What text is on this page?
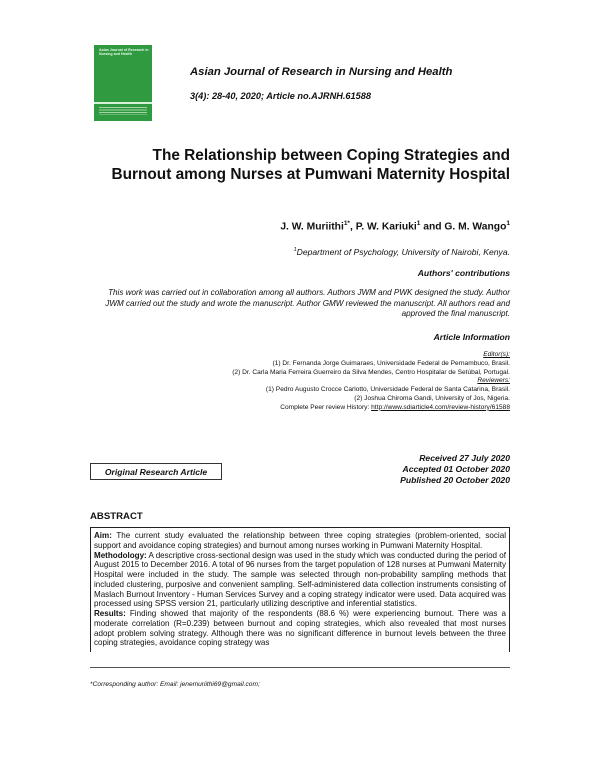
Asian Journal of Research in Nursing and Health
Asian Journal of Research in Nursing and Health
3(4): 28-40, 2020; Article no.AJRNH.61588
The Relationship between Coping Strategies and Burnout among Nurses at Pumwani Maternity Hospital
J. W. Muriithi$^{1*}$, P. W. Kariuki$^1$ and G. M. Wango$^1$
$^1$Department of Psychology, University of Nairobi, Kenya.
Authors' contributions
This work was carried out in collaboration among all authors. Authors JWM and PWK designed the study. Author JWM carried out the study and wrote the manuscript. Author GMW reviewed the manuscript. All authors read and approved the final manuscript.
Article Information
Editor(s):
(1) Dr. Fernanda Jorge Guimaraes, Universidade Federal de Pernambuco, Brasil.
(2) Dr. Carla Maria Ferreira Guerreiro da Silva Mendes, Centro Hospitalar de Setúbal, Portugal.
Reviewers:
(1) Pedro Augusto Crocce Carlotto, Universidade Federal de Santa Catarina, Brasil.
(2) Joshua Chiroma Gandi, University of Jos, Nigeria.
Complete Peer review History: http://www.sdiarticle4.com/review-history/61588
Received 27 July 2020
Accepted 01 October 2020
Published 20 October 2020
Original Research Article
ABSTRACT

Aim: The current study evaluated the relationship between three coping strategies (problem-oriented, social support and avoidance coping strategies) and burnout among nurses working in Pumwani Maternity Hospital.

Methodology: A descriptive cross-sectional design was used in the study which was conducted during the period of August 2015 to December 2016. A total of 96 nurses from the target population of 128 nurses at Pumwani Maternity Hospital were included in the study. The sample was selected through non-probability sampling methods that included clustering, purposive and convenient sampling. Self-administered data collection instruments consisting of Maslach Burnout Inventory - Human Services Survey and a coping strategy indicator were used. Data acquired was processed using SPSS version 21, particularly utilizing descriptive and inferential statistics.

Results: Finding showed that majority of the respondents (88.6 %) were experiencing burnout. There was a moderate correlation (R=0.239) between burnout and coping strategies, which also revealed that most nurses adopt problem solving strategy. Although there was no significant difference in burnout levels between the three coping strategies, avoidance coping strategy was

*Corresponding author: Email: jenemuriithi69@gmail.com;
